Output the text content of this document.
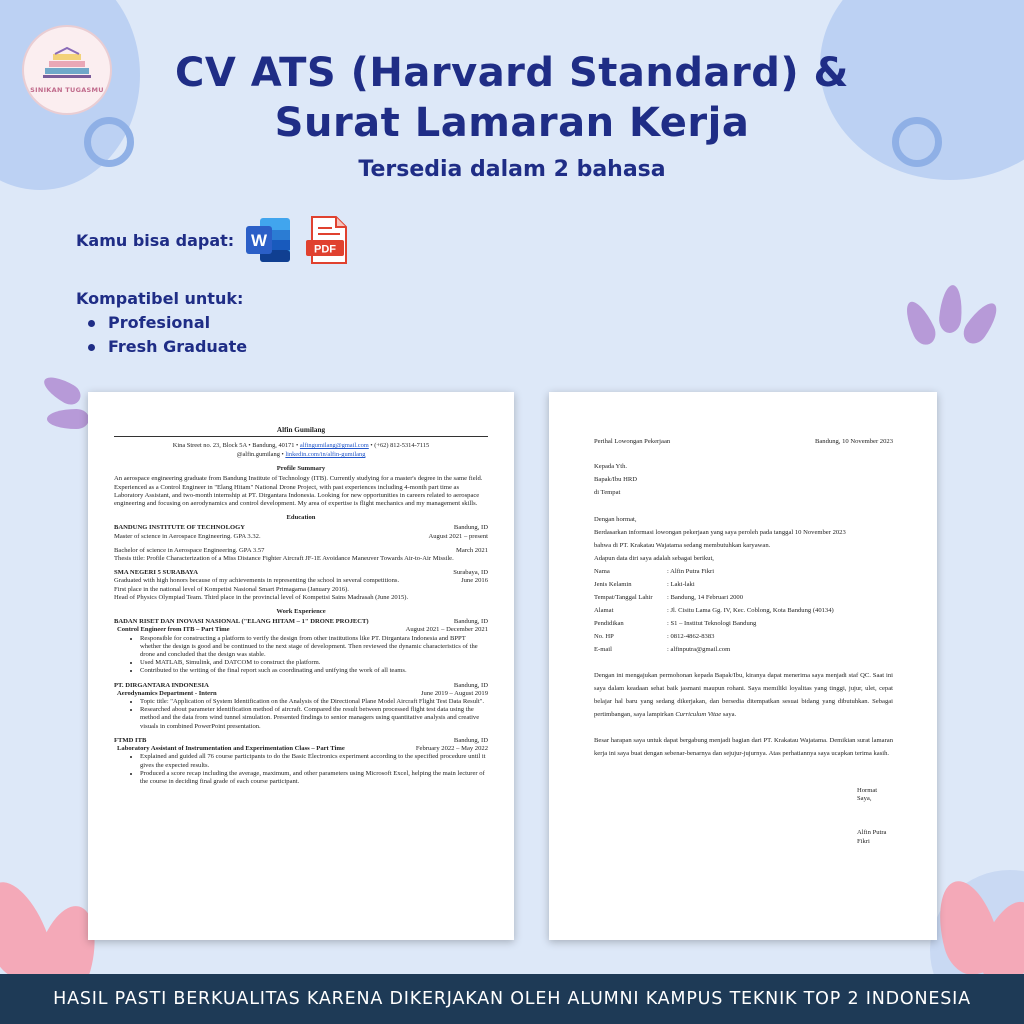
SINIKAN TUGASMU	CV ATS (Harvard Standard) &
Surat Lamaran Kerja
Tersedia dalam 2 bahasa
Kamu bisa dapat: W	PDF
Kompatibel untuk:
Profesional
Fresh Graduate
Alfin Gumilang
Kina Street no. 23, Block 5A • Bandung, 40171 • alfingumilang@gmail.com • (+62) 812-5314-7115
@alfin.gumilang • linkedin.com/in/alfin-gumilang
Profile Summary
An aerospace engineering graduate from Bandung Institute of Technology (ITB). Currently studying for a master's degree in the same field. Experienced as a Control Engineer in "Elang Hitam" National Drone Project, with past experiences including 4-month part time as Laboratory Assistant, and two-month internship at PT. Dirgantara Indonesia. Looking for new opportunities in careers related to aerospace engineering and focusing on aerodynamics and control development. My area of expertise is flight mechanics and my management skills.
Education
BANDUNG INSTITUTE OF TECHNOLOGY	Bandung, ID
Master of science in Aerospace Engineering. GPA 3.32.	August 2021 – present
Bachelor of science in Aerospace Engineering. GPA 3.57	March 2021
Thesis title: Profile Characterization of a Miss Distance Fighter Aircraft JF-1E Avoidance Maneuver Towards Air-to-Air Missile.
SMA NEGERI 5 SURABAYA	Surabaya, ID
Graduated with high honors because of my achievements in representing the school in several competitions.	June 2016
First place in the national level of Kompetisi Nasional Smart Primagama (January 2016).
Head of Physics Olympiad Team. Third place in the provincial level of Kompetisi Sains Madrasah (June 2015).
Work Experience
BADAN RISET DAN INOVASI NASIONAL ("ELANG HITAM – 1" DRONE PROJECT)	Bandung, ID
Control Engineer from ITB – Part Time	August 2021 – December 2021
• Responsible for constructing a platform to verify the design from other institutions like PT. Dirgantara Indonesia and BPPT whether the design is good and be continued to the next stage of development. Then reviewed the dynamic characteristics of the drone and concluded that the design was stable.
• Used MATLAB, Simulink, and DATCOM to construct the platform.
• Contributed to the writing of the final report such as coordinating and unifying the work of all teams.
PT. DIRGANTARA INDONESIA	Bandung, ID
Aerodynamics Department - Intern	June 2019 – August 2019
• Topic title: "Application of System Identification on the Analysis of the Directional Plane Model Aircraft Flight Test Data Result".
• Researched about parameter identification method of aircraft. Compared the result between processed flight test data using the method and the data from wind tunnel simulation. Presented findings to senior managers using quantitative analysis and creative visuals in combined PowerPoint presentation.
FTMD ITB	Bandung, ID
Laboratory Assistant of Instrumentation and Experimentation Class – Part Time	February 2022 – May 2022
• Explained and guided all 76 course participants to do the Basic Electronics experiment according to the specified procedure until it gives the expected results.
• Produced a score recap including the average, maximum, and other parameters using Microsoft Excel, helping the main lecturer of the course in deciding final grade of each course participant.
Perihal Lowongan Pekerjaan	Bandung, 10 November 2023
Kepada Yth.
Bapak/Ibu HRD
di Tempat
Dengan hormat,
Berdasarkan informasi lowongan pekerjaan yang saya peroleh pada tanggal 10 November 2023
bahwa di PT. Krakatau Wajatama sedang membutuhkan karyawan.
Adapun data diri saya adalah sebagai berikut,
Nama	: Alfin Putra Fikri
Jenis Kelamin	: Laki-laki
Tempat/Tanggal Lahir	: Bandung, 14 Februari 2000
Alamat	: Jl. Cisitu Lama Gg. IV, Kec. Coblong, Kota Bandung (40134)
Pendidikan	: S1 – Institut Teknologi Bandung
No. HP	: 0812-4862-8383
E-mail	: alfinputra@gmail.com

Dengan ini mengajukan permohonan kepada Bapak/Ibu, kiranya dapat menerima saya menjadi staf QC. Saat ini saya dalam keadaan sehat baik jasmani maupun rohani. Saya memiliki loyalitas yang tinggi, jujur, ulet, cepat belajar hal baru yang sedang dikerjakan, dan bersedia ditempatkan sesuai bidang yang dibutuhkan. Sebagai pertimbangan, saya lampirkan Curriculum Vitae saya.

Besar harapan saya untuk dapat bergabung menjadi bagian dari PT. Krakatau Wajatama. Demikian surat lamaran kerja ini saya buat dengan sebenar-benarnya dan sejujur-jujurnya. Atas perhatiannya saya ucapkan terima kasih.

Hormat Saya,
Alfin Putra Fikri
HASIL PASTI BERKUALITAS KARENA DIKERJAKAN OLEH ALUMNI KAMPUS TEKNIK TOP 2 INDONESIA
